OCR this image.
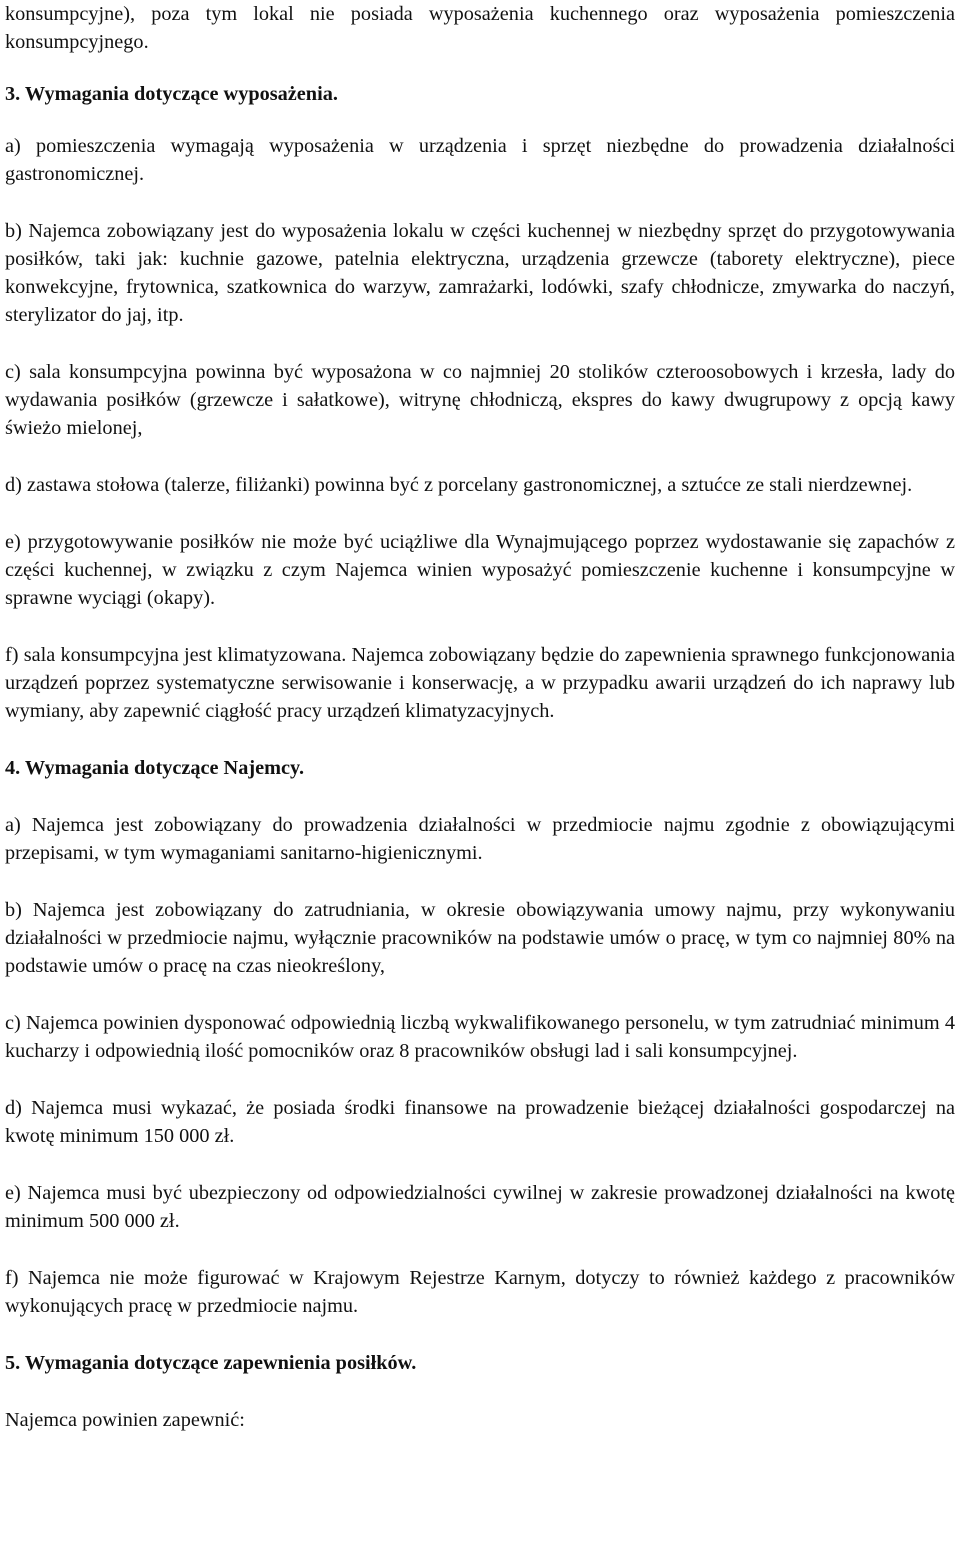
konsumpcyjne), poza tym lokal nie posiada wyposażenia kuchennego oraz wyposażenia pomieszczenia konsumpcyjnego.

3. Wymagania dotyczące wyposażenia.

a) pomieszczenia wymagają wyposażenia w urządzenia i sprzęt niezbędne do prowadzenia działalności gastronomicznej.

b) Najemca zobowiązany jest do wyposażenia lokalu w części kuchennej w niezbędny sprzęt do przygotowywania posiłków, taki jak: kuchnie gazowe, patelnia elektryczna, urządzenia grzewcze (taborety elektryczne), piece konwekcyjne, frytownica, szatkownica do warzyw, zamrażarki, lodówki, szafy chłodnicze, zmywarka do naczyń, sterylizator do jaj, itp.

c) sala konsumpcyjna powinna być wyposażona w co najmniej 20 stolików czteroosobowych i krzesła, lady do wydawania posiłków (grzewcze i sałatkowe), witrynę chłodniczą, ekspres do kawy dwugrupowy z opcją kawy świeżo mielonej,

d) zastawa stołowa (talerze, filiżanki) powinna być z porcelany gastronomicznej, a sztućce ze stali nierdzewnej.

e) przygotowywanie posiłków nie może być uciążliwe dla Wynajmującego poprzez wydostawanie się zapachów z części kuchennej, w związku z czym Najemca winien wyposażyć pomieszczenie kuchenne i konsumpcyjne w sprawne wyciągi (okapy).

f) sala konsumpcyjna jest klimatyzowana. Najemca zobowiązany będzie do zapewnienia sprawnego funkcjonowania urządzeń poprzez systematyczne serwisowanie i konserwację, a w przypadku awarii urządzeń do ich naprawy lub wymiany, aby zapewnić ciągłość pracy urządzeń klimatyzacyjnych.

4. Wymagania dotyczące Najemcy.

a) Najemca jest zobowiązany do prowadzenia działalności w przedmiocie najmu zgodnie z obowiązującymi przepisami, w tym wymaganiami sanitarno-higienicznymi.

b) Najemca jest zobowiązany do zatrudniania, w okresie obowiązywania umowy najmu, przy wykonywaniu działalności w przedmiocie najmu, wyłącznie pracowników na podstawie umów o pracę, w tym co najmniej 80% na podstawie umów o pracę na czas nieokreślony,

c) Najemca powinien dysponować odpowiednią liczbą wykwalifikowanego personelu, w tym zatrudniać minimum 4 kucharzy i odpowiednią ilość pomocników oraz 8 pracowników obsługi lad i sali konsumpcyjnej.

d) Najemca musi wykazać, że posiada środki finansowe na prowadzenie bieżącej działalności gospodarczej na kwotę minimum 150 000 zł.

e) Najemca musi być ubezpieczony od odpowiedzialności cywilnej w zakresie prowadzonej działalności na kwotę minimum 500 000 zł.

f) Najemca nie może figurować w Krajowym Rejestrze Karnym, dotyczy to również każdego z pracowników wykonujących pracę w przedmiocie najmu.

5. Wymagania dotyczące zapewnienia posiłków.

Najemca powinien zapewnić:
